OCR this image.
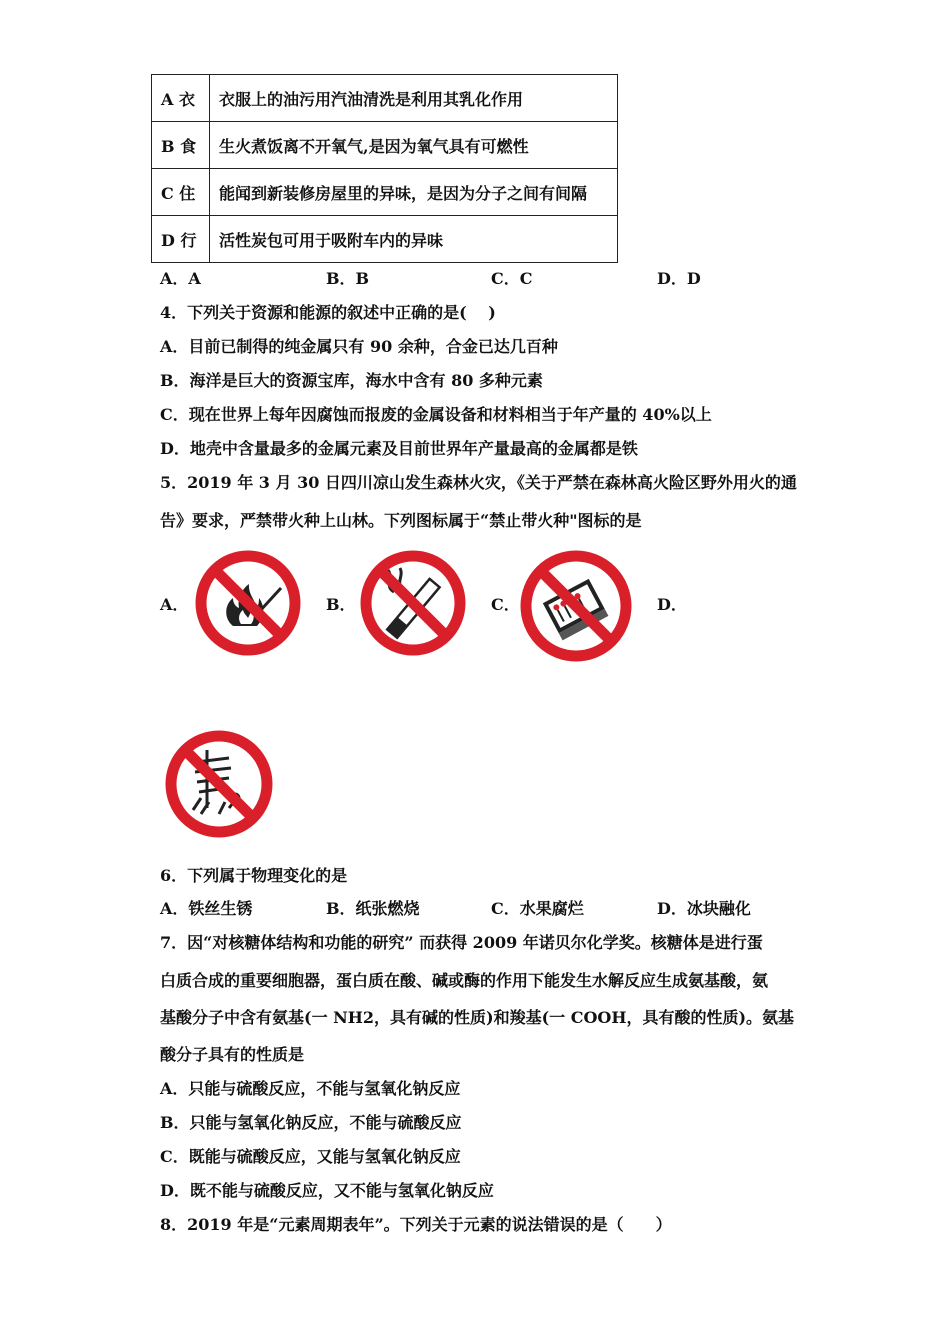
A 衣	衣服上的油污用汽油清洗是利用其乳化作用
B 食	生火煮饭离不开氧气,是因为氧气具有可燃性
C 住	能闻到新装修房屋里的异味，是因为分子之间有间隔
D 行	活性炭包可用于吸附车内的异味
A．A	B．B	C．C	D．D
4．下列关于资源和能源的叙述中正确的是(　 )
A．目前已制得的纯金属只有 90 余种，合金已达几百种
B．海洋是巨大的资源宝库，海水中含有 80 多种元素
C．现在世界上每年因腐蚀而报废的金属设备和材料相当于年产量的 40%以上
D．地壳中含量最多的金属元素及目前世界年产量最高的金属都是铁
5．2019 年 3 月 30 日四川凉山发生森林火灾，《关于严禁在森林高火险区野外用火的通
告》要求，严禁带火种上山林。下列图标属于“禁止带火种"图标的是
A．	B．	C．	D．
6．下列属于物理变化的是
A．铁丝生锈	B．纸张燃烧	C．水果腐烂	D．冰块融化
7．因“对核糖体结构和功能的研究” 而获得 2009 年诺贝尔化学奖。核糖体是进行蛋
白质合成的重要细胞器，蛋白质在酸、碱或酶的作用下能发生水解反应生成氨基酸，氨
基酸分子中含有氨基(一 NH2，具有碱的性质)和羧基(一 COOH，具有酸的性质)。氨基
酸分子具有的性质是
A．只能与硫酸反应，不能与氢氧化钠反应
B．只能与氢氧化钠反应，不能与硫酸反应
C．既能与硫酸反应，又能与氢氧化钠反应
D．既不能与硫酸反应，又不能与氢氧化钠反应
8．2019 年是“元素周期表年”。下列关于元素的说法错误的是（　　）
